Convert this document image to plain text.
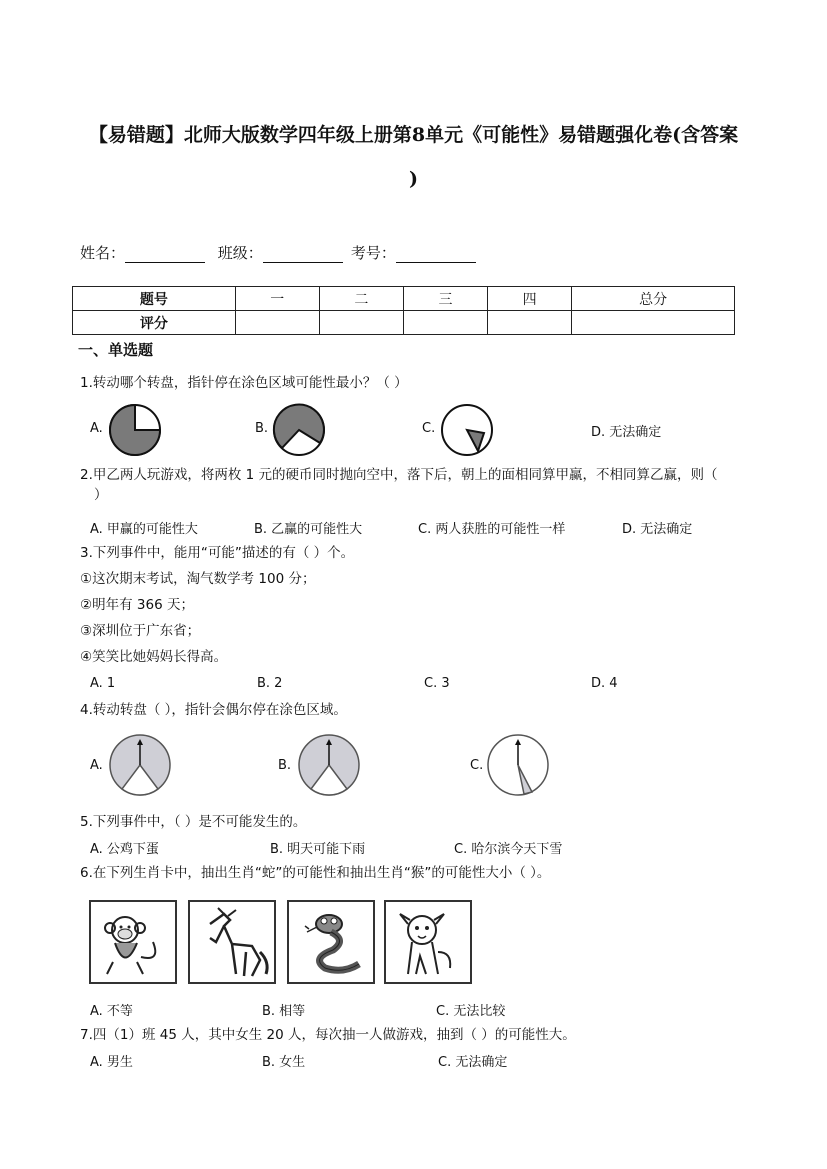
【易错题】北师大版数学四年级上册第8单元《可能性》易错题强化卷(含答案
)
姓名：	班级：	考号：
题号	一	二	三	四	总分
评分					
一、单选题
1.转动哪个转盘，指针停在涂色区域可能性最小？（ ）
A.	B.	C.	D. 无法确定
2.甲乙两人玩游戏，将两枚 1 元的硬币同时抛向空中，落下后，朝上的面相同算甲赢，不相同算乙赢，则（
）
A. 甲赢的可能性大	B. 乙赢的可能性大	C. 两人获胜的可能性一样	D. 无法确定
3.下列事件中，能用“可能”描述的有（ ）个。
①这次期末考试，淘气数学考 100 分；
②明年有 366 天；
③深圳位于广东省；
④笑笑比她妈妈长得高。
A. 1	B. 2	C. 3	D. 4
4.转动转盘（ ），指针会偶尔停在涂色区域。
A.	B.	C.
5.下列事件中，（ ）是不可能发生的。
A. 公鸡下蛋	B. 明天可能下雨	C. 哈尔滨今天下雪
6.在下列生肖卡中，抽出生肖“蛇”的可能性和抽出生肖“猴”的可能性大小（ ）。
A. 不等	B. 相等	C. 无法比较
7.四（1）班 45 人，其中女生 20 人，每次抽一人做游戏，抽到（ ）的可能性大。
A. 男生	B. 女生	C. 无法确定
